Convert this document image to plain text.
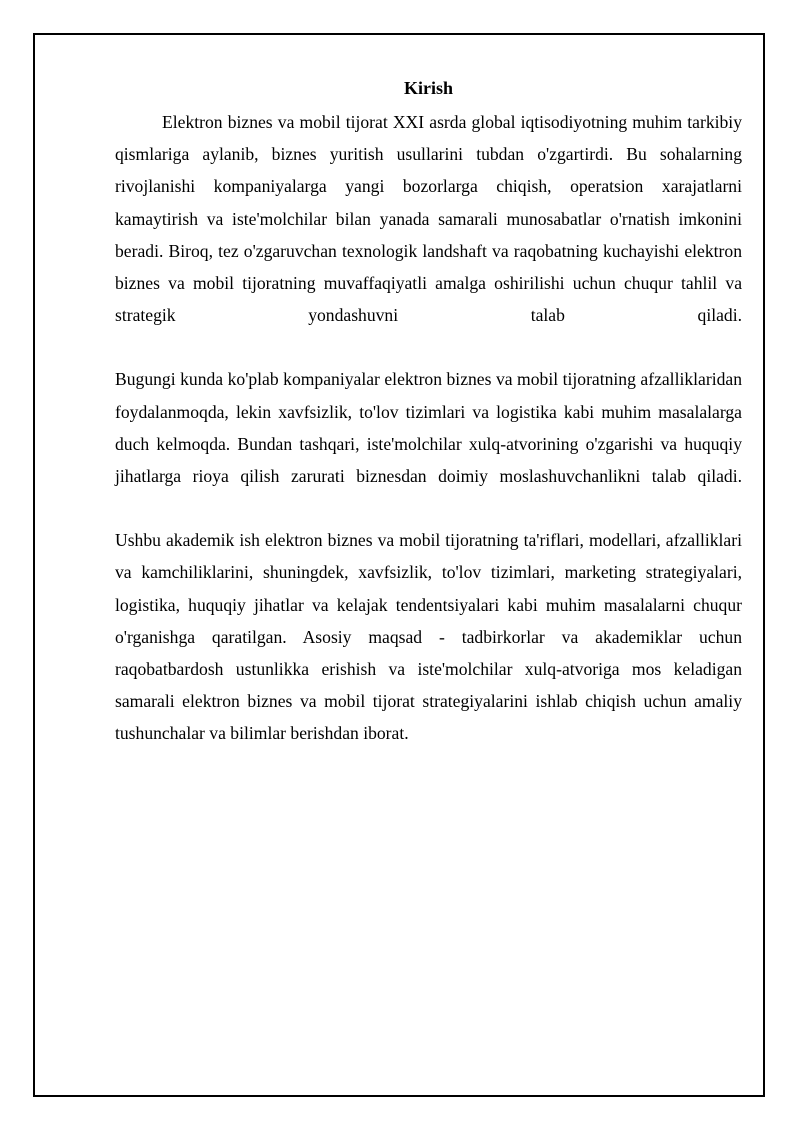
Kirish

Elektron biznes va mobil tijorat XXI asrda global iqtisodiyotning muhim tarkibiy qismlariga aylanib, biznes yuritish usullarini tubdan o'zgartirdi. Bu sohalarning rivojlanishi kompaniyalarga yangi bozorlarga chiqish, operatsion xarajatlarni kamaytirish va iste'molchilar bilan yanada samarali munosabatlar o'rnatish imkonini beradi. Biroq, tez o'zgaruvchan texnologik landshaft va raqobatning kuchayishi elektron biznes va mobil tijoratning muvaffaqiyatli amalga oshirilishi uchun chuqur tahlil va strategik yondashuvni talab qiladi.

Bugungi kunda ko'plab kompaniyalar elektron biznes va mobil tijoratning afzalliklaridan foydalanmoqda, lekin xavfsizlik, to'lov tizimlari va logistika kabi muhim masalalarga duch kelmoqda. Bundan tashqari, iste'molchilar xulq-atvorining o'zgarishi va huquqiy jihatlarga rioya qilish zarurati biznesdan doimiy moslashuvchanlikni talab qiladi.

Ushbu akademik ish elektron biznes va mobil tijoratning ta'riflari, modellari, afzalliklari va kamchiliklarini, shuningdek, xavfsizlik, to'lov tizimlari, marketing strategiyalari, logistika, huquqiy jihatlar va kelajak tendentsiyalari kabi muhim masalalarni chuqur o'rganishga qaratilgan. Asosiy maqsad - tadbirkorlar va akademiklar uchun raqobatbardosh ustunlikka erishish va iste'molchilar xulq-atvoriga mos keladigan samarali elektron biznes va mobil tijorat strategiyalarini ishlab chiqish uchun amaliy tushunchalar va bilimlar berishdan iborat.
